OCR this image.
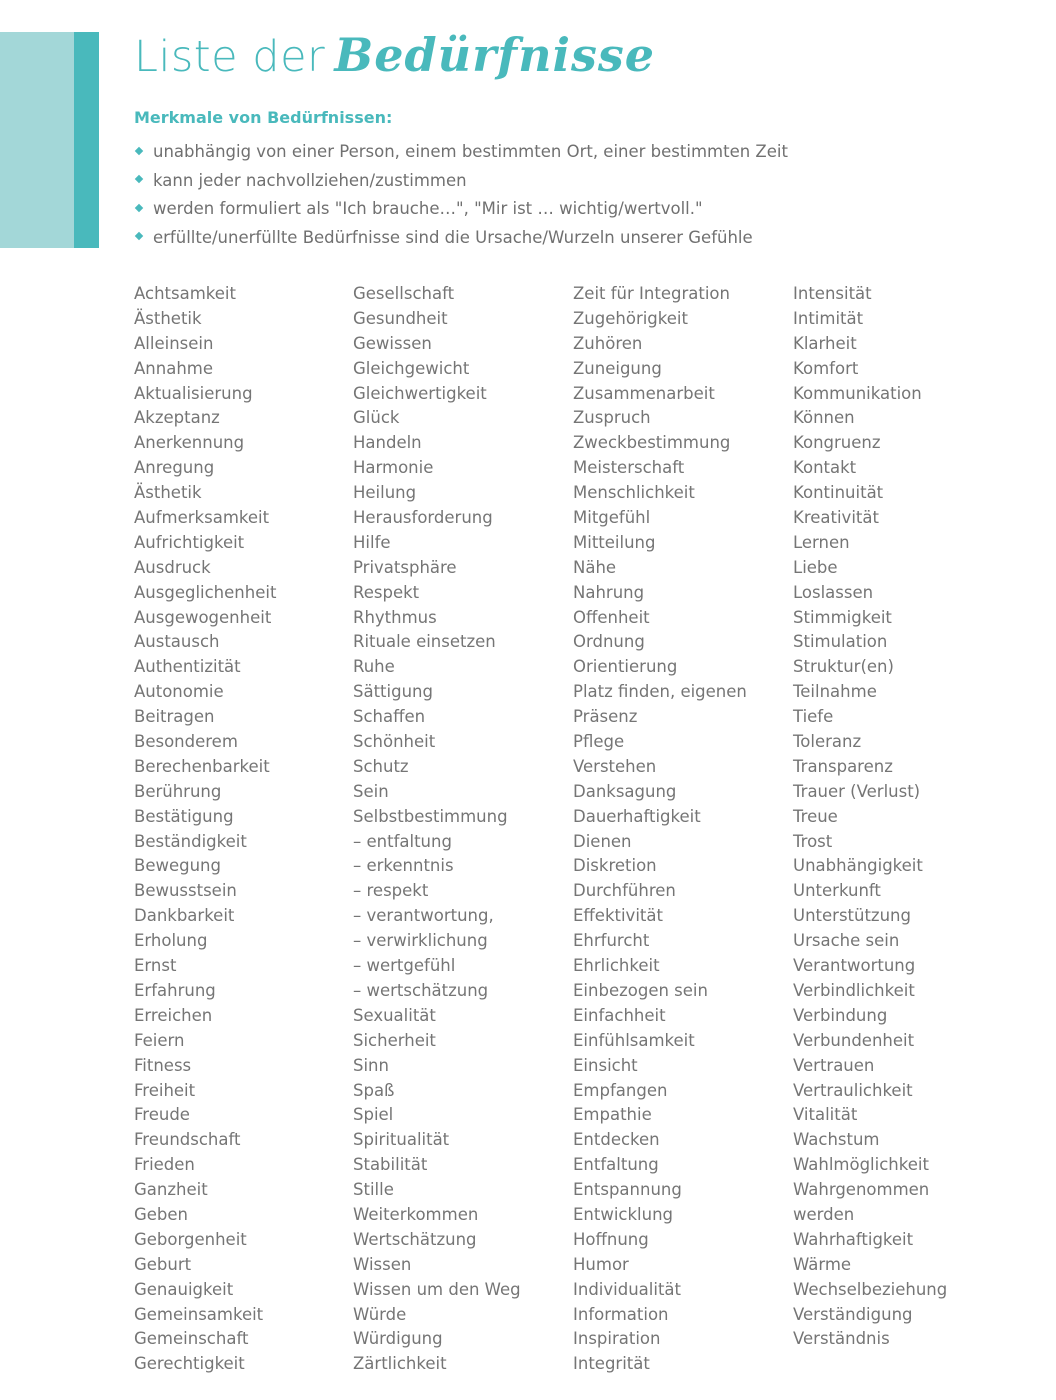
Liste der Bedürfnisse
Merkmale von Bedürfnissen:
unabhängig von einer Person, einem bestimmten Ort, einer bestimmten Zeit
kann jeder nachvollziehen/zustimmen
werden formuliert als "Ich brauche…", "Mir ist … wichtig/wertvoll."
erfüllte/unerfüllte Bedürfnisse sind die Ursache/Wurzeln unserer Gefühle
Achtsamkeit
Ästhetik
Alleinsein
Annahme
Aktualisierung
Akzeptanz
Anerkennung
Anregung
Ästhetik
Aufmerksamkeit
Aufrichtigkeit
Ausdruck
Ausgeglichenheit
Ausgewogenheit
Austausch
Authentizität
Autonomie
Beitragen
Besonderem
Berechenbarkeit
Berührung
Bestätigung
Beständigkeit
Bewegung
Bewusstsein
Dankbarkeit
Erholung
Ernst
Erfahrung
Erreichen
Feiern
Fitness
Freiheit
Freude
Freundschaft
Frieden
Ganzheit
Geben
Geborgenheit
Geburt
Genauigkeit
Gemeinsamkeit
Gemeinschaft
Gerechtigkeit
Gesellschaft
Gesundheit
Gewissen
Gleichgewicht
Gleichwertigkeit
Glück
Handeln
Harmonie
Heilung
Herausforderung
Hilfe
Privatsphäre
Respekt
Rhythmus
Rituale einsetzen
Ruhe
Sättigung
Schaffen
Schönheit
Schutz
Sein
Selbstbestimmung
– entfaltung
– erkenntnis
– respekt
– verantwortung,
– verwirklichung
– wertgefühl
– wertschätzung
Sexualität
Sicherheit
Sinn
Spaß
Spiel
Spiritualität
Stabilität
Stille
Weiterkommen
Wertschätzung
Wissen
Wissen um den Weg
Würde
Würdigung
Zärtlichkeit
Zeit für Integration
Zugehörigkeit
Zuhören
Zuneigung
Zusammenarbeit
Zuspruch
Zweckbestimmung
Meisterschaft
Menschlichkeit
Mitgefühl
Mitteilung
Nähe
Nahrung
Offenheit
Ordnung
Orientierung
Platz finden, eigenen
Präsenz
Pflege
Verstehen
Danksagung
Dauerhaftigkeit
Dienen
Diskretion
Durchführen
Effektivität
Ehrfurcht
Ehrlichkeit
Einbezogen sein
Einfachheit
Einfühlsamkeit
Einsicht
Empfangen
Empathie
Entdecken
Entfaltung
Entspannung
Entwicklung
Hoffnung
Humor
Individualität
Information
Inspiration
Integrität
Intensität
Intimität
Klarheit
Komfort
Kommunikation
Können
Kongruenz
Kontakt
Kontinuität
Kreativität
Lernen
Liebe
Loslassen
Stimmigkeit
Stimulation
Struktur(en)
Teilnahme
Tiefe
Toleranz
Transparenz
Trauer (Verlust)
Treue
Trost
Unabhängigkeit
Unterkunft
Unterstützung
Ursache sein
Verantwortung
Verbindlichkeit
Verbindung
Verbundenheit
Vertrauen
Vertraulichkeit
Vitalität
Wachstum
Wahlmöglichkeit
Wahrgenommen
werden
Wahrhaftigkeit
Wärme
Wechselbeziehung
Verständigung
Verständnis
